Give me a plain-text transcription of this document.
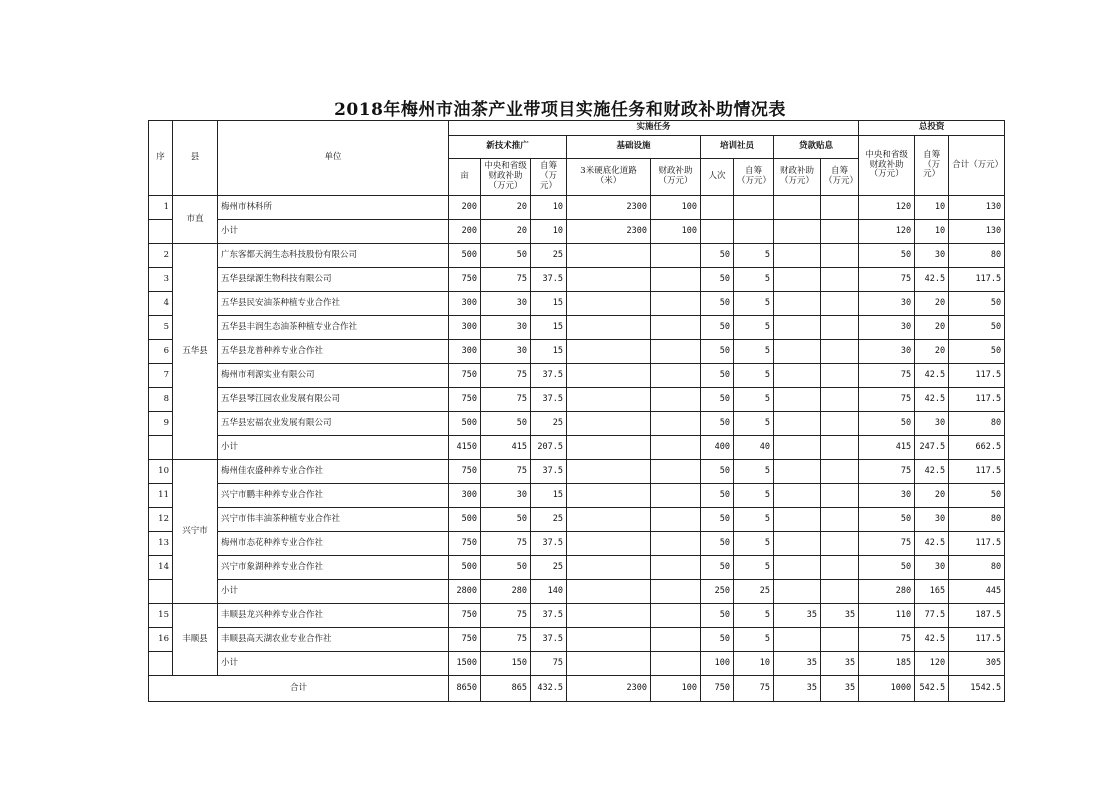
2018年梅州市油茶产业带项目实施任务和财政补助情况表
序	县	单位	实施任务									总投资		
			新技术推广			基础设施		培训社员		贷款贴息		中央和省级财政补助（万元）	自筹（万元）	合计（万元）
			亩	中央和省级财政补助（万元）	自筹（万元）	3米硬底化道路（米）	财政补助（万元）	人次	自筹（万元）	财政补助（万元）	自筹（万元）			
1	市直	梅州市林科所	200	20	10	2300	100					120	10	130
		小计	200	20	10	2300	100					120	10	130
2	五华县	广东客都天润生态科技股份有限公司	500	50	25			50	5			50	30	80
3		五华县绿源生物科技有限公司	750	75	37.5			50	5			75	42.5	117.5
4		五华县民安油茶种植专业合作社	300	30	15			50	5			30	20	50
5		五华县丰润生态油茶种植专业合作社	300	30	15			50	5			30	20	50
6		五华县龙普种养专业合作社	300	30	15			50	5			30	20	50
7		梅州市利源实业有限公司	750	75	37.5			50	5			75	42.5	117.5
8		五华县琴江园农业发展有限公司	750	75	37.5			50	5			75	42.5	117.5
9		五华县宏福农业发展有限公司	500	50	25			50	5			50	30	80
		小计	4150	415	207.5			400	40			415	247.5	662.5
10	兴宁市	梅州佳农盛种养专业合作社	750	75	37.5			50	5			75	42.5	117.5
11		兴宁市鹏丰种养专业合作社	300	30	15			50	5			30	20	50
12		兴宁市伟丰油茶种植专业合作社	500	50	25			50	5			50	30	80
13		梅州市态花种养专业合作社	750	75	37.5			50	5			75	42.5	117.5
14		兴宁市象湖种养专业合作社	500	50	25			50	5			50	30	80
		小计	2800	280	140			250	25			280	165	445
15	丰顺县	丰顺县龙兴种养专业合作社	750	75	37.5			50	5	35	35	110	77.5	187.5
16		丰顺县高天湖农业专业合作社	750	75	37.5			50	5			75	42.5	117.5
		小计	1500	150	75			100	10	35	35	185	120	305
合计			8650	865	432.5	2300	100	750	75	35	35	1000	542.5	1542.5
